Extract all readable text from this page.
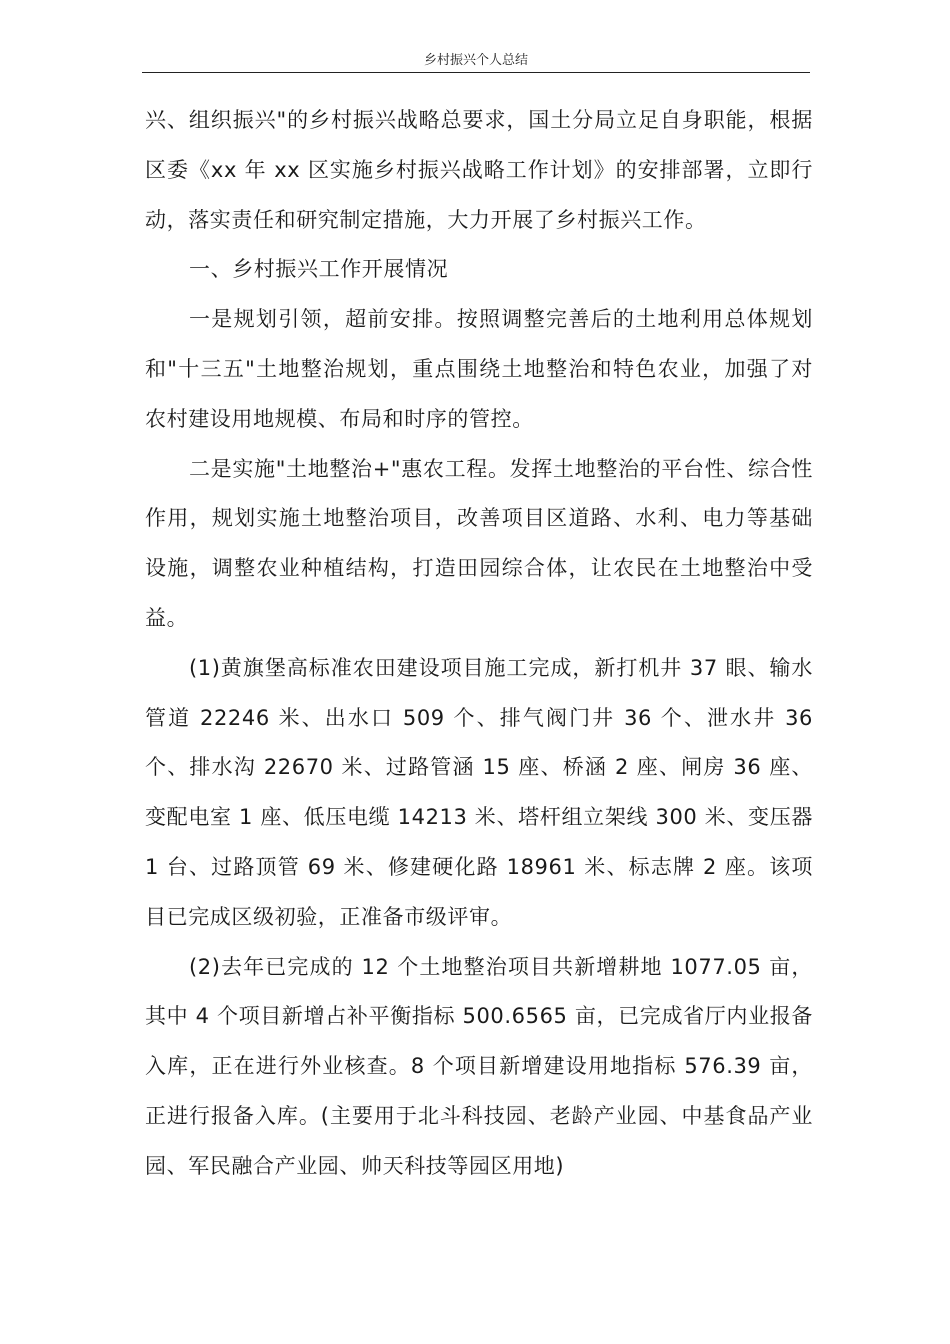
乡村振兴个人总结

兴、组织振兴"的乡村振兴战略总要求，国土分局立足自身职能，根据区委《xx 年 xx 区实施乡村振兴战略工作计划》的安排部署，立即行动，落实责任和研究制定措施，大力开展了乡村振兴工作。

一、乡村振兴工作开展情况

一是规划引领，超前安排。按照调整完善后的土地利用总体规划和"十三五"土地整治规划，重点围绕土地整治和特色农业，加强了对农村建设用地规模、布局和时序的管控。

二是实施"土地整治+"惠农工程。发挥土地整治的平台性、综合性作用，规划实施土地整治项目，改善项目区道路、水利、电力等基础设施，调整农业种植结构，打造田园综合体，让农民在土地整治中受益。

(1)黄旗堡高标准农田建设项目施工完成，新打机井 37 眼、输水管道 22246 米、出水口 509 个、排气阀门井 36 个、泄水井 36 个、排水沟 22670 米、过路管涵 15 座、桥涵 2 座、闸房 36 座、变配电室 1 座、低压电缆 14213 米、塔杆组立架线 300 米、变压器 1 台、过路顶管 69 米、修建硬化路 18961 米、标志牌 2 座。该项目已完成区级初验，正准备市级评审。

(2)去年已完成的 12 个土地整治项目共新增耕地 1077.05 亩，其中 4 个项目新增占补平衡指标 500.6565 亩，已完成省厅内业报备入库，正在进行外业核查。8 个项目新增建设用地指标 576.39 亩，正进行报备入库。(主要用于北斗科技园、老龄产业园、中基食品产业园、军民融合产业园、帅天科技等园区用地)
